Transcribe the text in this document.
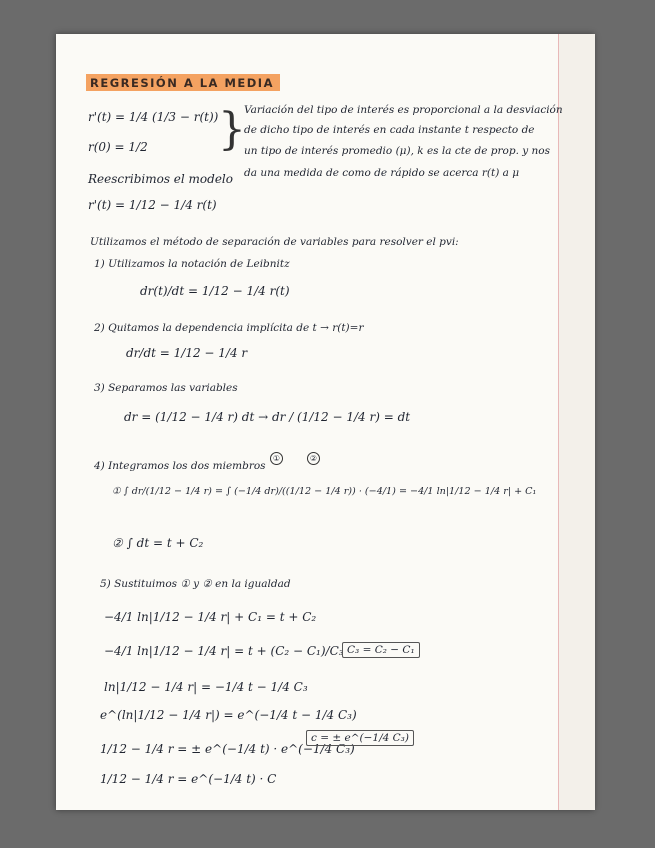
REGRESIÓN A LA MEDIA
r'(t) = 1/4 (1/3 − r(t))
r(0) = 1/2 }
Variación del tipo de interés es proporcional a la desviación
de dicho tipo de interés en cada instante t respecto de
un tipo de interés promedio (μ), k es la cte de prop. y nos
da una medida de como de rápido se acerca r(t) a μ
Reescribimos el modelo
r'(t) = 1/12 − 1/4 r(t)
Utilizamos el método de separación de variables para resolver el pvi:
1) Utilizamos la notación de Leibnitz
dr(t)/dt = 1/12 − 1/4 r(t)
2) Quitamos la dependencia implícita de t → r(t)=r
dr/dt = 1/12 − 1/4 r
3) Separamos las variables
dr = (1/12 − 1/4 r) dt → dr / (1/12 − 1/4 r) = dt
①	②
4) Integramos los dos miembros
① ∫ dr/(1/12 − 1/4 r) = ∫ (−1/4 dr)/((1/12 − 1/4 r)) · (−4/1) = −4/1 ln|1/12 − 1/4 r| + C₁
② ∫ dt = t + C₂
5) Sustituimos ① y ② en la igualdad
−4/1 ln|1/12 − 1/4 r| + C₁ = t + C₂
−4/1 ln|1/12 − 1/4 r| = t + (C₂ − C₁)/C₃ C₃ = C₂ − C₁
ln|1/12 − 1/4 r| = −1/4 t − 1/4 C₃
e^(ln|1/12 − 1/4 r|) = e^(−1/4 t − 1/4 C₃)
1/12 − 1/4 r = ± e^(−1/4 t) · e^(−1/4 C₃)
c = ± e^(−1/4 C₃)
1/12 − 1/4 r = e^(−1/4 t) · C
